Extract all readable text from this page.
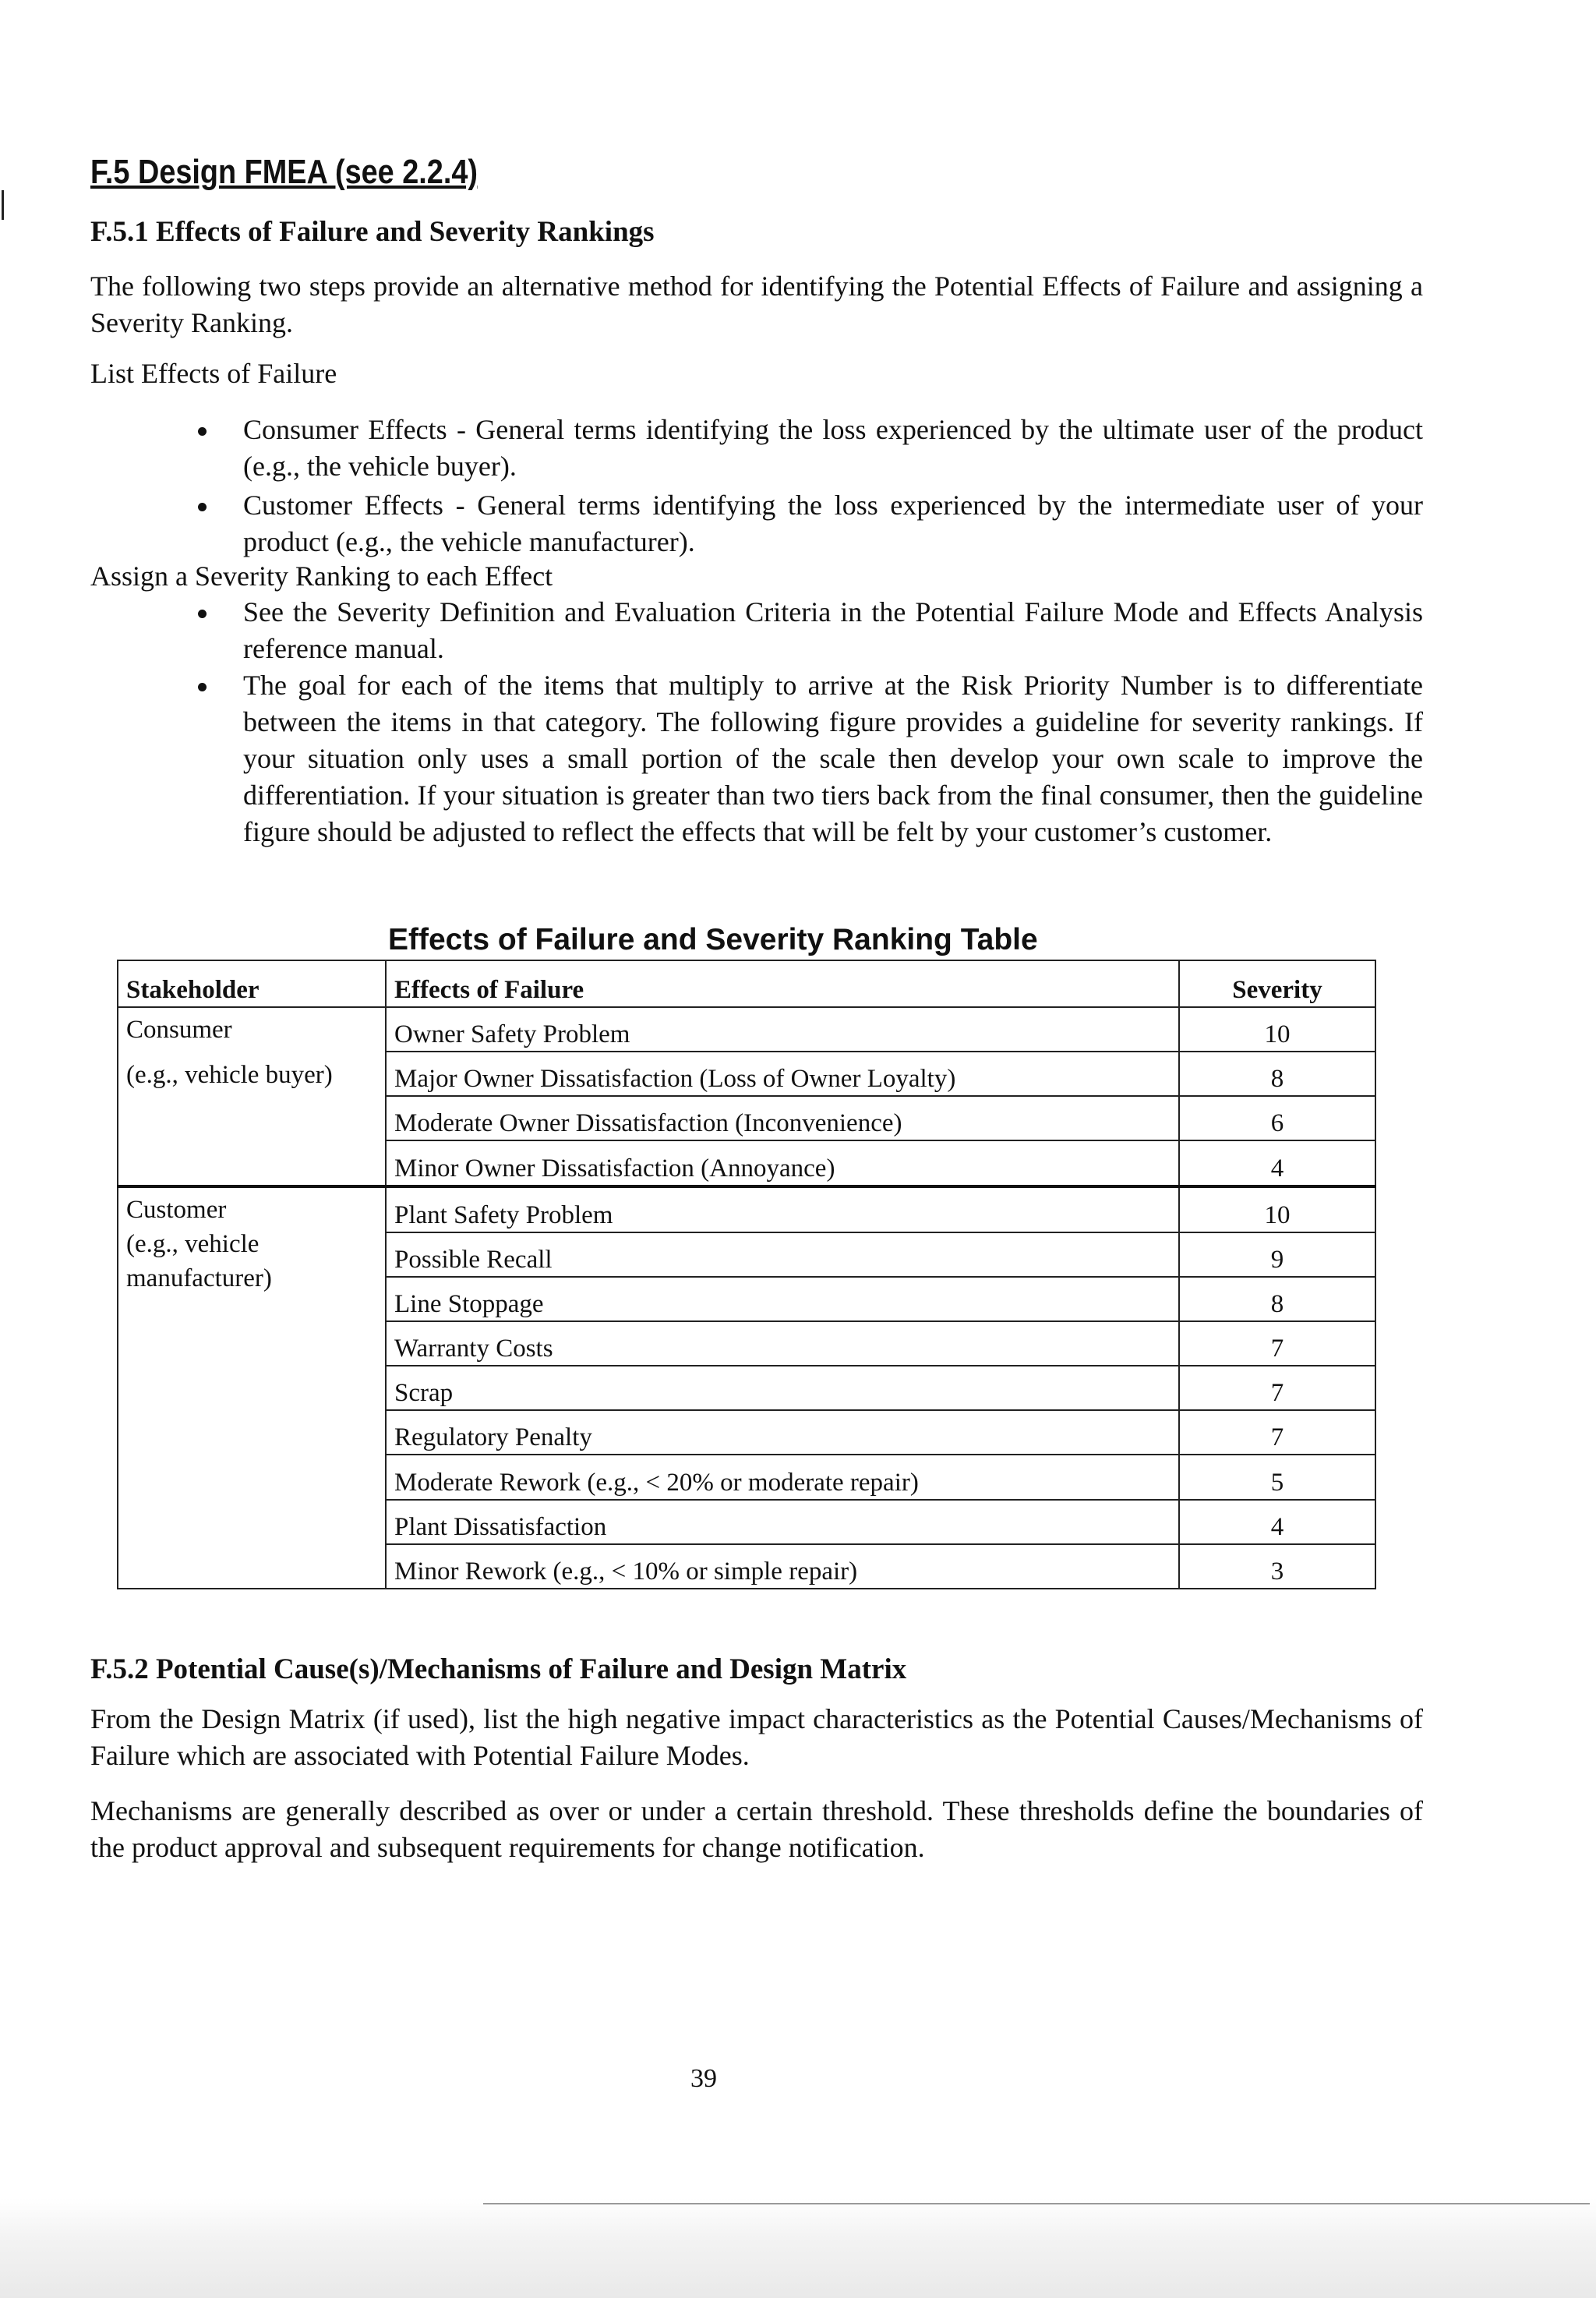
F.5 Design FMEA (see 2.2.4)
F.5.1 Effects of Failure and Severity Rankings
The following two steps provide an alternative method for identifying the Potential Effects of Failure and assigning a Severity Ranking.
List Effects of Failure
Consumer Effects - General terms identifying the loss experienced by the ultimate user of the product (e.g., the vehicle buyer).
Customer Effects - General terms identifying the loss experienced by the intermediate user of your product (e.g., the vehicle manufacturer).
Assign a Severity Ranking to each Effect
See the Severity Definition and Evaluation Criteria in the Potential Failure Mode and Effects Analysis reference manual.
The goal for each of the items that multiply to arrive at the Risk Priority Number is to differentiate between the items in that category. The following figure provides a guideline for severity rankings. If your situation only uses a small portion of the scale then develop your own scale to improve the differentiation. If your situation is greater than two tiers back from the final consumer, then the guideline figure should be adjusted to reflect the effects that will be felt by your customer’s customer.
Effects of Failure and Severity Ranking Table
Stakeholder	Effects of Failure	Severity
Consumer
(e.g., vehicle buyer)	Owner Safety Problem	10
	Major Owner Dissatisfaction (Loss of Owner Loyalty)	8
	Moderate Owner Dissatisfaction (Inconvenience)	6
	Minor Owner Dissatisfaction (Annoyance)	4
Customer
(e.g., vehicle manufacturer)	Plant Safety Problem	10
	Possible Recall	9
	Line Stoppage	8
	Warranty Costs	7
	Scrap	7
	Regulatory Penalty	7
	Moderate Rework (e.g., < 20% or moderate repair)	5
	Plant Dissatisfaction	4
	Minor Rework (e.g., < 10% or simple repair)	3
F.5.2 Potential Cause(s)/Mechanisms of Failure and Design Matrix
From the Design Matrix (if used), list the high negative impact characteristics as the Potential Causes/Mechanisms of Failure which are associated with Potential Failure Modes.
Mechanisms are generally described as over or under a certain threshold. These thresholds define the boundaries of the product approval and subsequent requirements for change notification.
39
